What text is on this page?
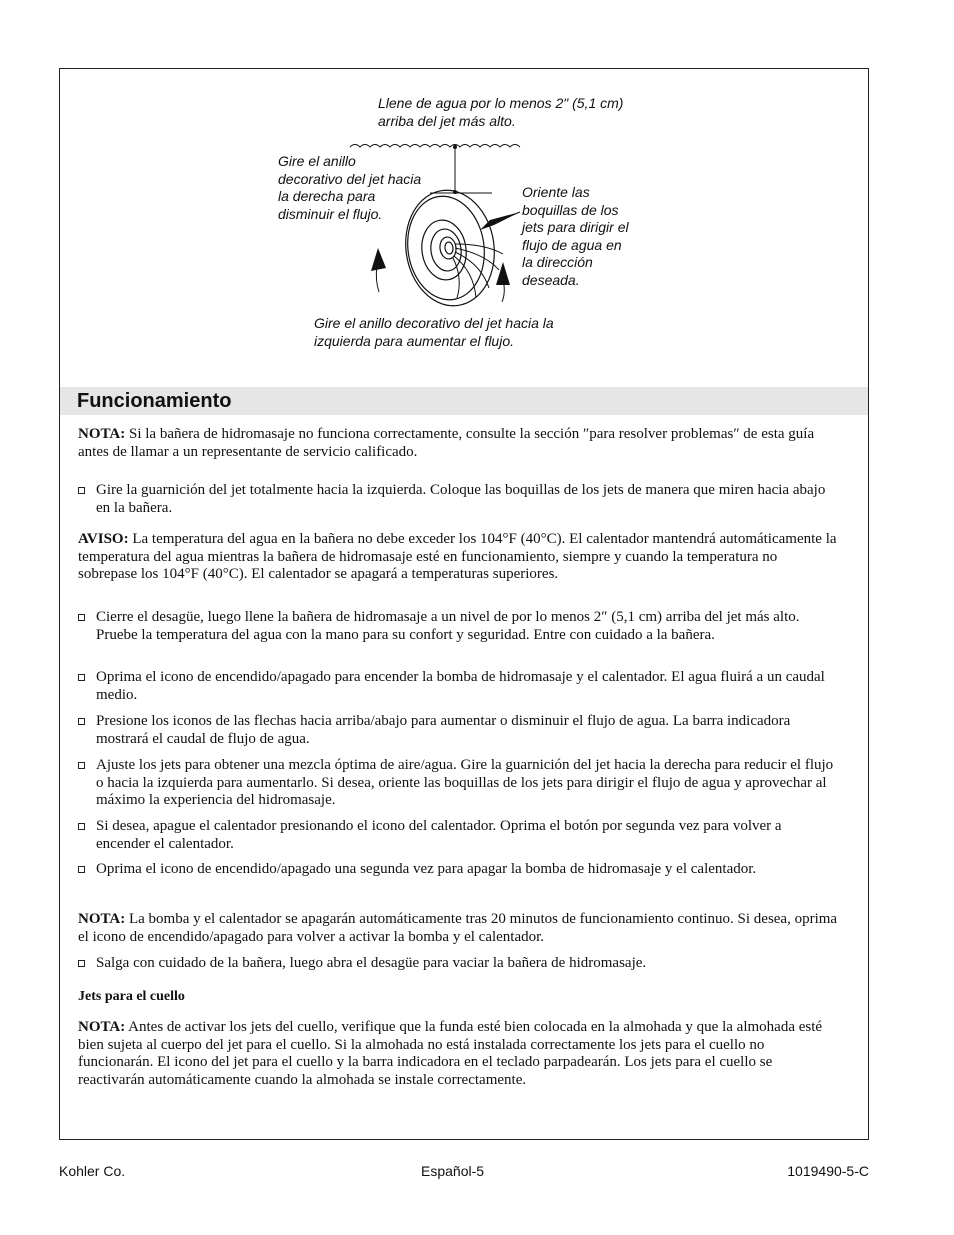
Llene de agua por lo menos 2" (5,1 cm)
arriba del jet más alto.
Gire el anillo
decorativo del jet hacia
la derecha para
disminuir el flujo.
Oriente las
boquillas de los
jets para dirigir el
flujo de agua en
la dirección
deseada.
Gire el anillo decorativo del jet hacia la
izquierda para aumentar el flujo.
Funcionamiento
NOTA: Si la bañera de hidromasaje no funciona correctamente, consulte la sección ″para resolver problemas″ de esta guía antes de llamar a un representante de servicio calificado.
Gire la guarnición del jet totalmente hacia la izquierda. Coloque las boquillas de los jets de manera que miren hacia abajo en la bañera.
AVISO: La temperatura del agua en la bañera no debe exceder los 104°F (40°C). El calentador mantendrá automáticamente la temperatura del agua mientras la bañera de hidromasaje esté en funcionamiento, siempre y cuando la temperatura no sobrepase los 104°F (40°C). El calentador se apagará a temperaturas superiores.
Cierre el desagüe, luego llene la bañera de hidromasaje a un nivel de por lo menos 2″ (5,1 cm) arriba del jet más alto. Pruebe la temperatura del agua con la mano para su confort y seguridad. Entre con cuidado a la bañera.
Oprima el icono de encendido/apagado para encender la bomba de hidromasaje y el calentador. El agua fluirá a un caudal medio.
Presione los iconos de las flechas hacia arriba/abajo para aumentar o disminuir el flujo de agua. La barra indicadora mostrará el caudal de flujo de agua.
Ajuste los jets para obtener una mezcla óptima de aire/agua. Gire la guarnición del jet hacia la derecha para reducir el flujo o hacia la izquierda para aumentarlo. Si desea, oriente las boquillas de los jets para dirigir el flujo de agua y aprovechar al máximo la experiencia del hidromasaje.
Si desea, apague el calentador presionando el icono del calentador. Oprima el botón por segunda vez para volver a encender el calentador.
Oprima el icono de encendido/apagado una segunda vez para apagar la bomba de hidromasaje y el calentador.
NOTA: La bomba y el calentador se apagarán automáticamente tras 20 minutos de funcionamiento continuo. Si desea, oprima el icono de encendido/apagado para volver a activar la bomba y el calentador.
Salga con cuidado de la bañera, luego abra el desagüe para vaciar la bañera de hidromasaje.
Jets para el cuello
NOTA: Antes de activar los jets del cuello, verifique que la funda esté bien colocada en la almohada y que la almohada esté bien sujeta al cuerpo del jet para el cuello. Si la almohada no está instalada correctamente los jets para el cuello no funcionarán. El icono del jet para el cuello y la barra indicadora en el teclado parpadearán. Los jets para el cuello se reactivarán automáticamente cuando la almohada se instale correctamente.
Kohler Co.	Español-5	1019490-5-C
